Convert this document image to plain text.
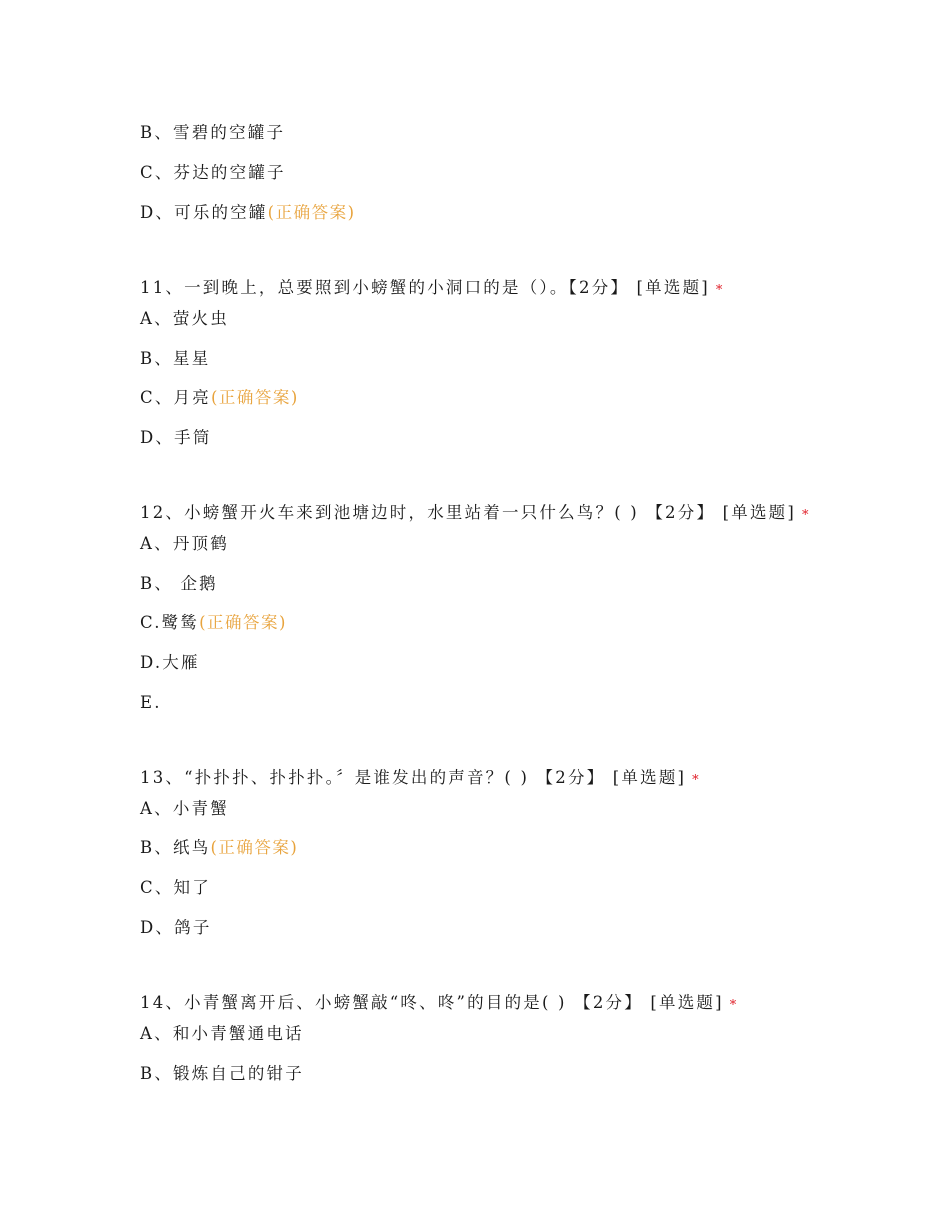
B、雪碧的空罐子
C、芬达的空罐子
D、可乐的空罐(正确答案)
11、一到晚上，总要照到小螃蟹的小洞口的是（）。【2分】 [单选题] *
A、萤火虫
B、星星
C、月亮(正确答案)
D、手筒
12、小螃蟹开火车来到池塘边时，水里站着一只什么鸟？( ) 【2分】 [单选题] *
A、丹顶鹤
B、 企鹅
C.鹭鸶(正确答案)
D.大雁
E.
13、“扑扑扑、扑扑扑。〞是谁发出的声音？( ) 【2分】 [单选题] *
A、小青蟹
B、纸鸟(正确答案)
C、知了
D、鸽子
14、小青蟹离开后、小螃蟹敲“咚、咚”的目的是( ) 【2分】 [单选题] *
A、和小青蟹通电话
B、锻炼自己的钳子
